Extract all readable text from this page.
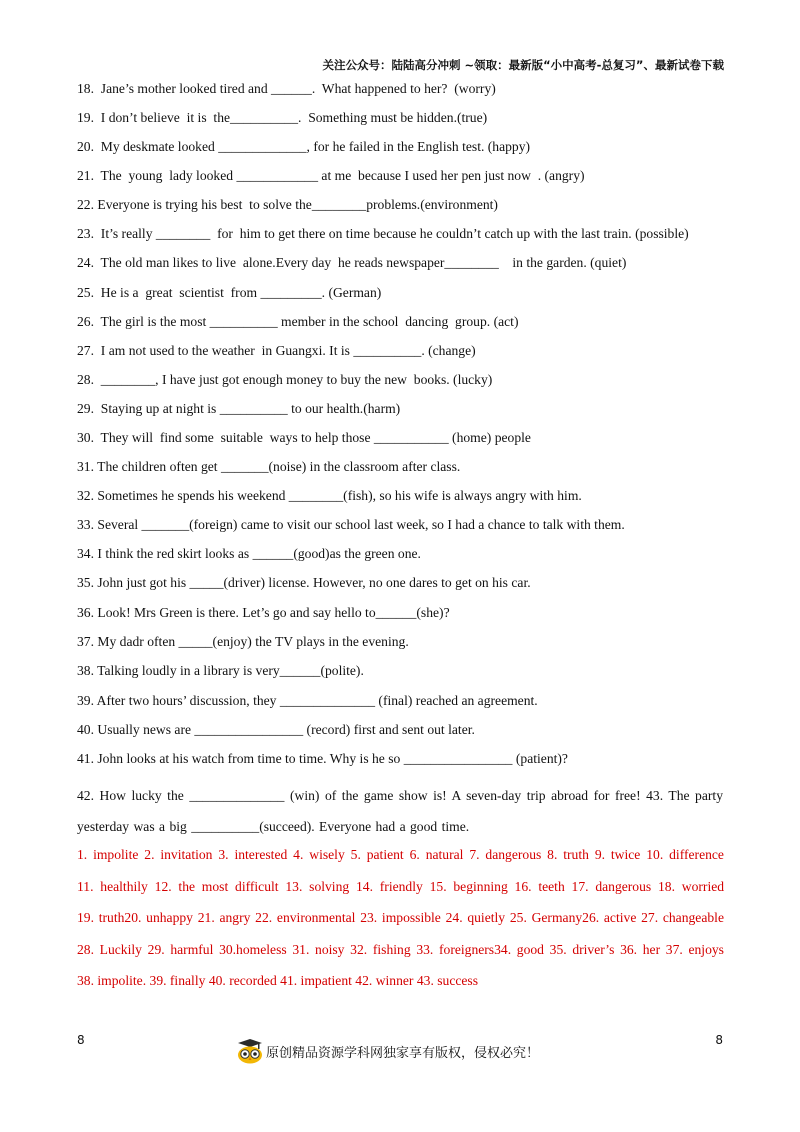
关注公众号：陆陆高分冲刺 ~领取：最新版“小中高考-总复习”、最新试卷下载
18.  Jane’s mother looked tired and ______.  What happened to her?  (worry)
19.  I don’t believe  it is  the__________.  Something must be hidden.(true)
20.  My deskmate looked _____________, for he failed in the English test. (happy)
21.  The  young  lady looked ____________ at me  because I used her pen just now  . (angry)
22. Everyone is trying his best  to solve the________problems.(environment)
23.  It’s really ________  for  him to get there on time because he couldn’t catch up with the last train. (possible)
24.  The old man likes to live  alone.Every day  he reads newspaper________    in the garden. (quiet)
25.  He is a  great  scientist  from _________. (German)
26.  The girl is the most __________ member in the school  dancing  group. (act)
27.  I am not used to the weather  in Guangxi. It is __________. (change)
28.  ________, I have just got enough money to buy the new  books. (lucky)
29.  Staying up at night is __________ to our health.(harm)
30.  They will  find some  suitable  ways to help those ___________ (home) people
31. The children often get _______(noise) in the classroom after class.
32. Sometimes he spends his weekend ________(fish), so his wife is always angry with him.
33. Several _______(foreign) came to visit our school last week, so I had a chance to talk with them.
34. I think the red skirt looks as ______(good)as the green one.
35. John just got his _____(driver) license. However, no one dares to get on his car.
36. Look! Mrs Green is there. Let’s go and say hello to______(she)?
37. My dadr often _____(enjoy) the TV plays in the evening.
38. Talking loudly in a library is very______(polite).
39. After two hours’ discussion, they ______________ (final) reached an agreement.
40. Usually news are ________________ (record) first and sent out later.
41. John looks at his watch from time to time. Why is he so ________________ (patient)?
42. How lucky the ______________ (win) of the game show is! A seven-day trip abroad for free! 43. The party yesterday was a big __________(succeed). Everyone had a good time.
1. impolite 2. invitation 3. interested 4. wisely 5. patient 6. natural 7. dangerous 8. truth 9. twice 10. difference 11. healthily 12. the most difficult 13. solving 14. friendly 15. beginning 16. teeth 17. dangerous 18. worried 19. truth20. unhappy 21. angry 22. environmental 23. impossible 24. quietly 25. Germany26. active 27. changeable 28. Luckily 29. harmful 30.homeless 31. noisy 32. fishing 33. foreigners34. good 35. driver’s 36. her 37. enjoys 38. impolite. 39. finally 40. recorded 41. impatient 42. winner 43. success
8	8
原创精品资源学科网独家享有版权，侵权必究！
